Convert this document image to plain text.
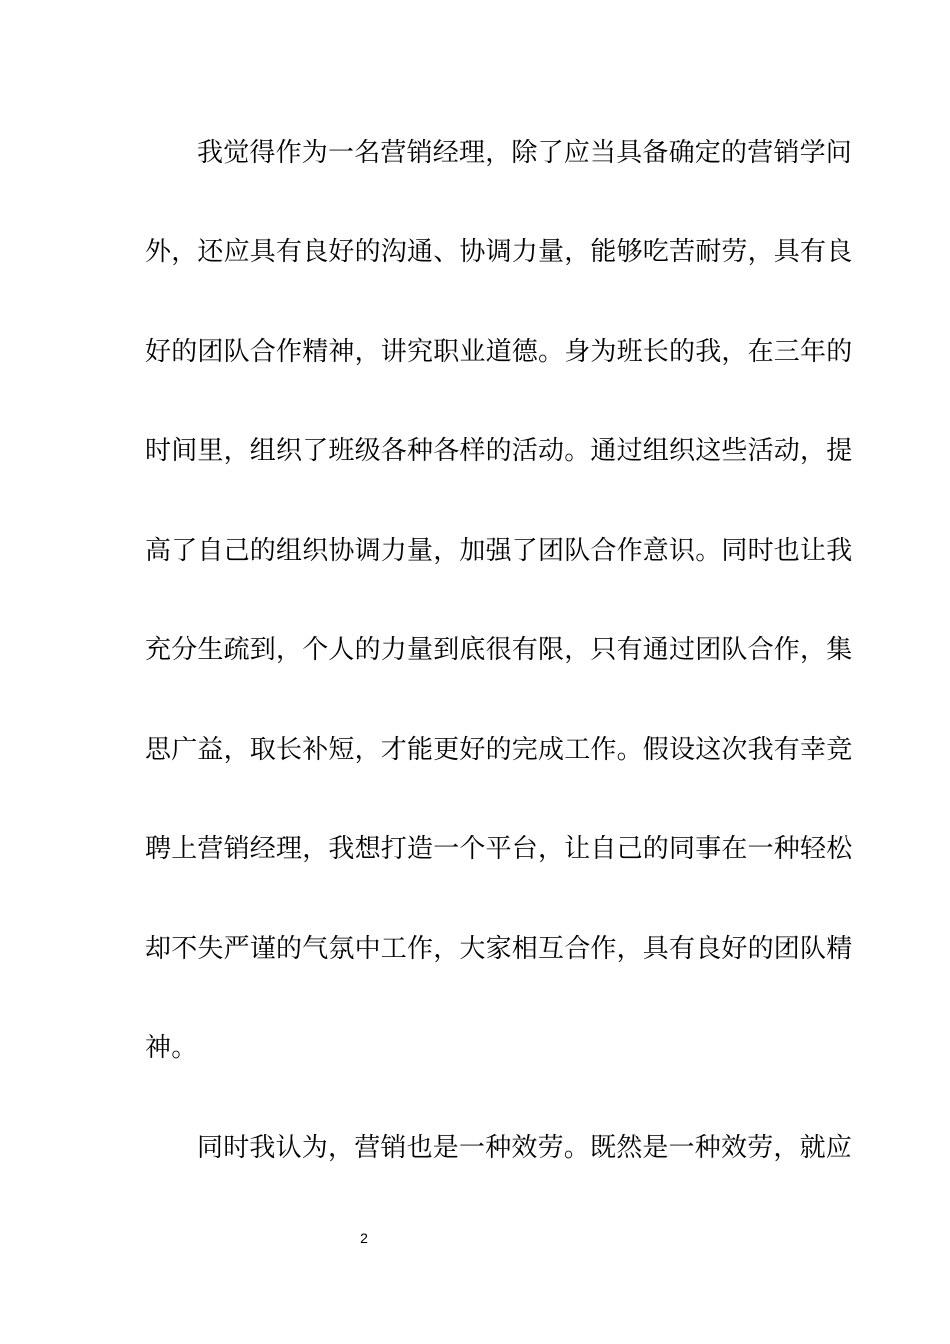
我觉得作为一名营销经理，除了应当具备确定的营销学问
外，还应具有良好的沟通、协调力量，能够吃苦耐劳，具有良
好的团队合作精神，讲究职业道德。身为班长的我，在三年的
时间里，组织了班级各种各样的活动。通过组织这些活动，提
高了自己的组织协调力量，加强了团队合作意识。同时也让我
充分生疏到，个人的力量到底很有限，只有通过团队合作，集
思广益，取长补短，才能更好的完成工作。假设这次我有幸竞
聘上营销经理，我想打造一个平台，让自己的同事在一种轻松
却不失严谨的气氛中工作，大家相互合作，具有良好的团队精
神。
同时我认为，营销也是一种效劳。既然是一种效劳，就应
2
